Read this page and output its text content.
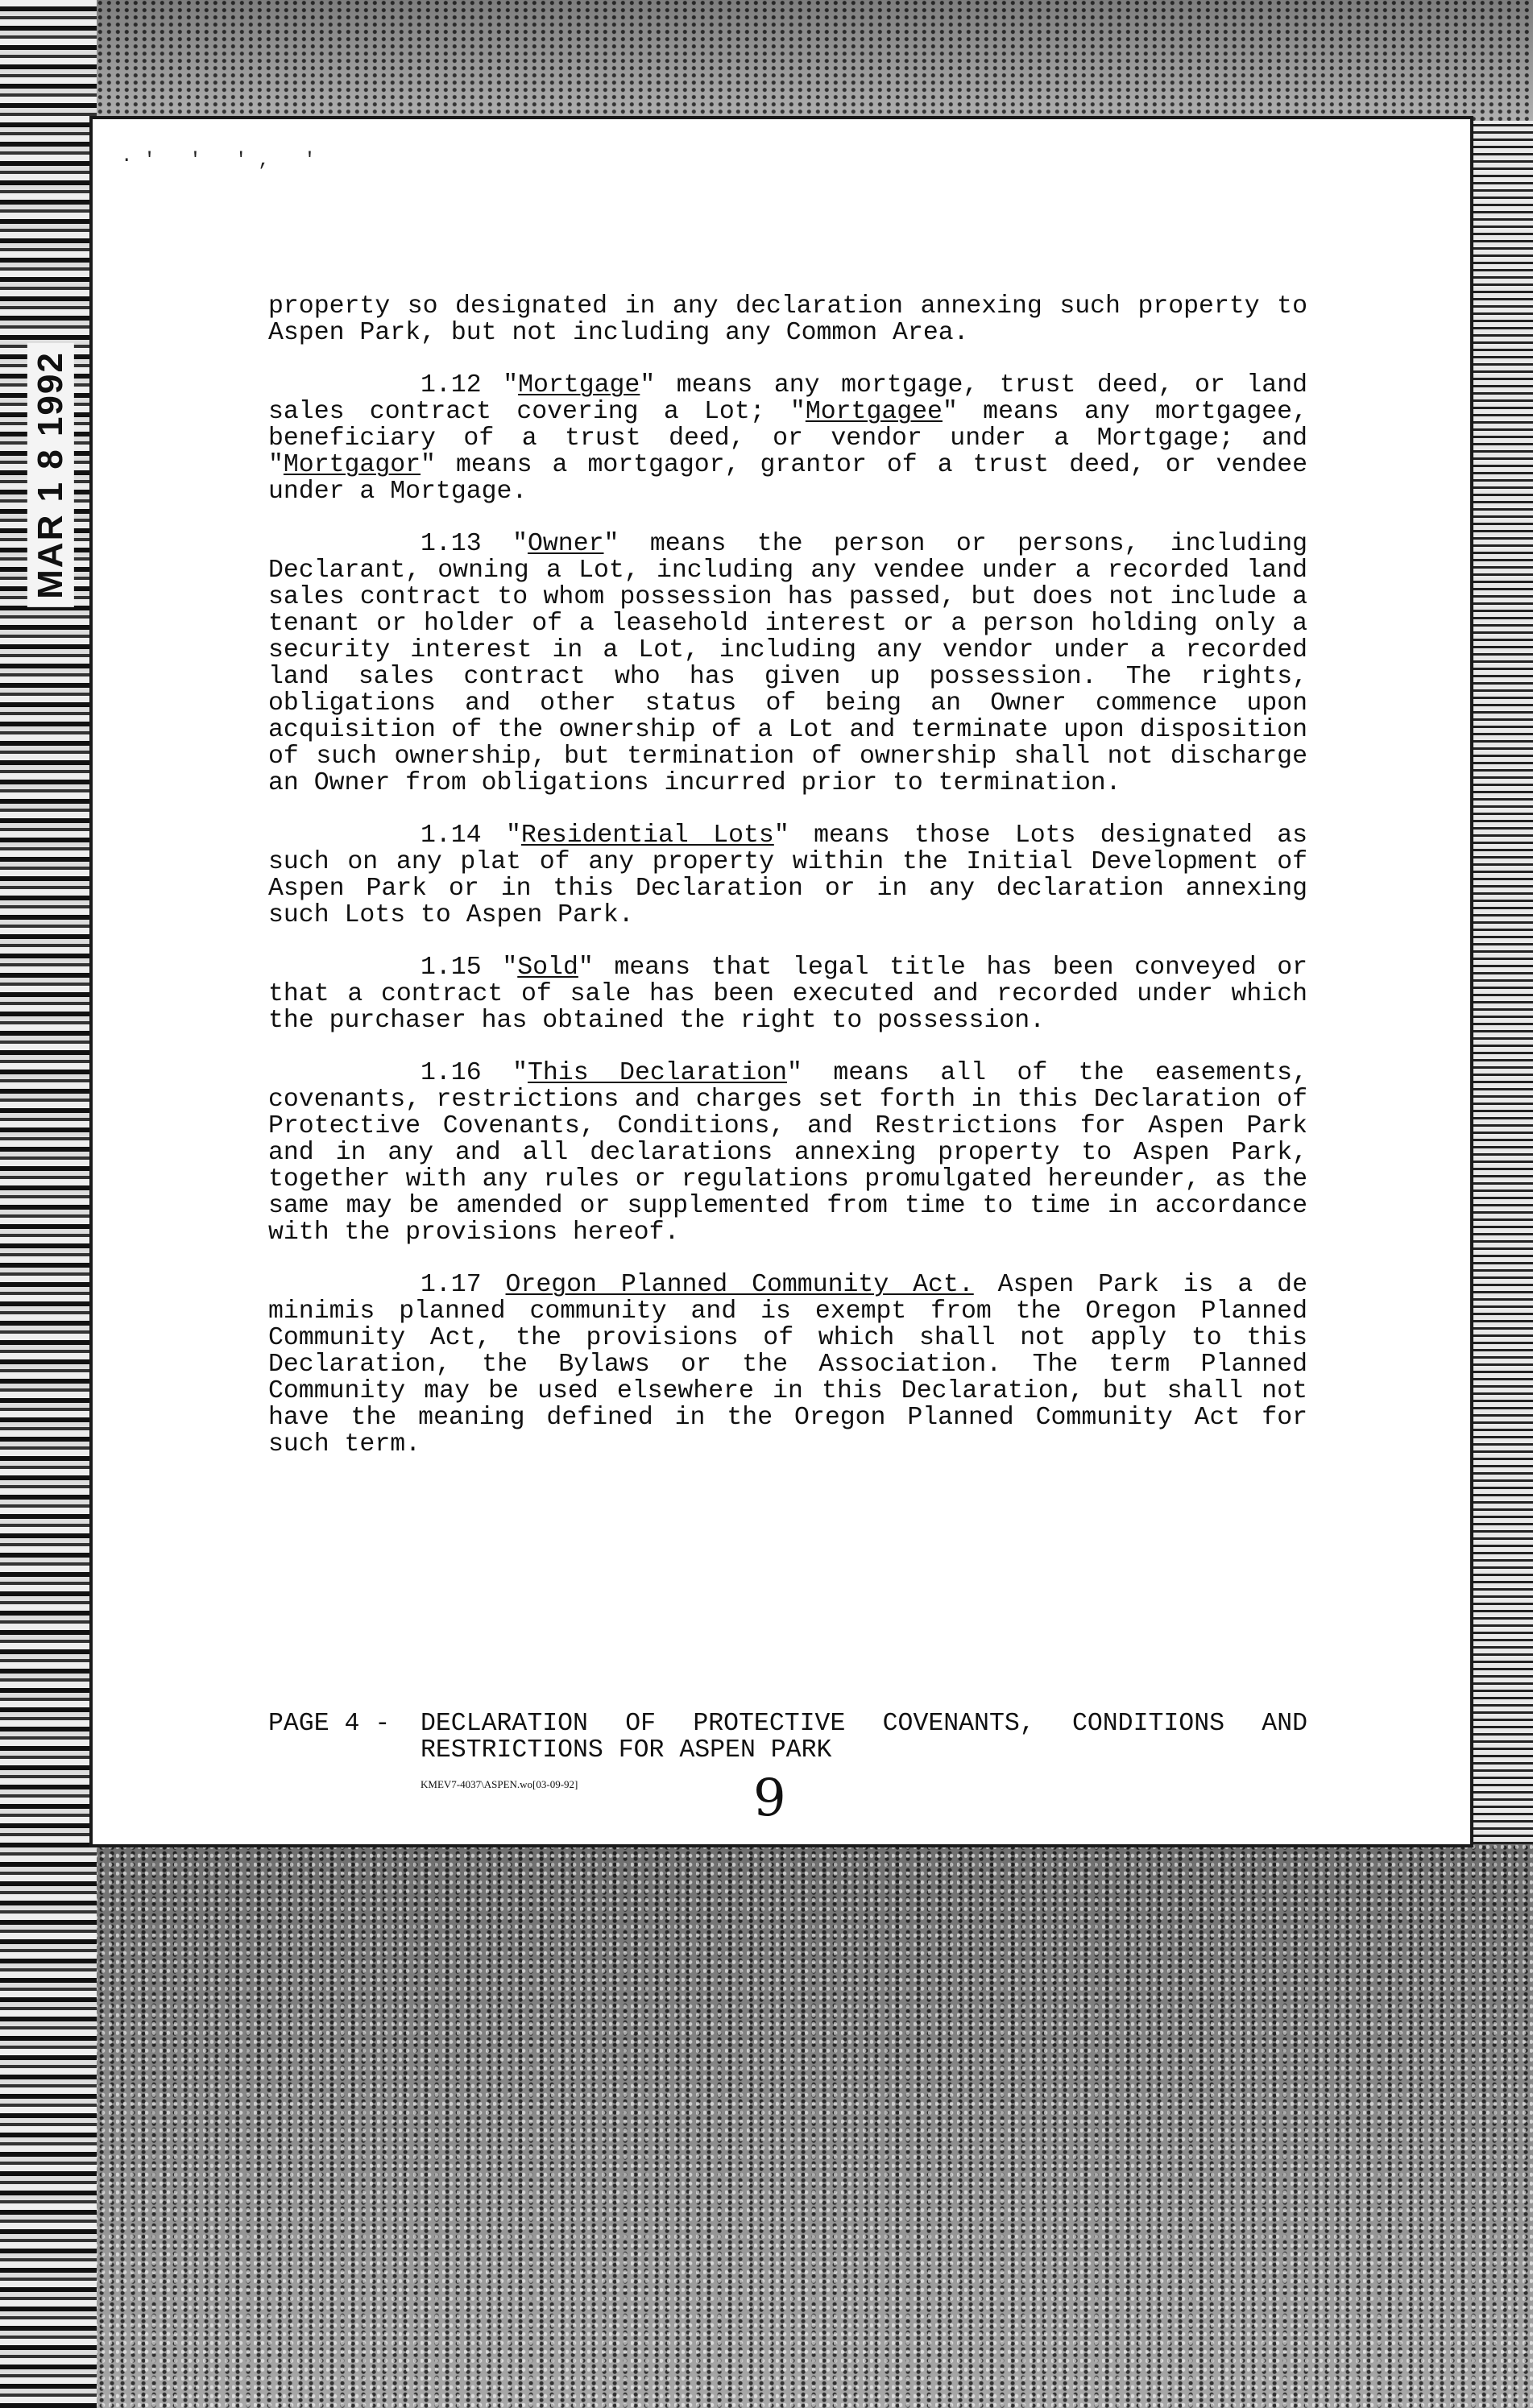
MAR 1 8 1992
·' ' ', '

property so designated in any declaration annexing such property to Aspen Park, but not including any Common Area.

1.12 "Mortgage" means any mortgage, trust deed, or land sales contract covering a Lot; "Mortgagee" means any mortgagee, beneficiary of a trust deed, or vendor under a Mortgage; and "Mortgagor" means a mortgagor, grantor of a trust deed, or vendee under a Mortgage.

1.13 "Owner" means the person or persons, including Declarant, owning a Lot, including any vendee under a recorded land sales contract to whom possession has passed, but does not include a tenant or holder of a leasehold interest or a person holding only a security interest in a Lot, including any vendor under a recorded land sales contract who has given up possession. The rights, obligations and other status of being an Owner commence upon acquisition of the ownership of a Lot and terminate upon disposition of such ownership, but termination of ownership shall not discharge an Owner from obligations incurred prior to termination.

1.14 "Residential Lots" means those Lots designated as such on any plat of any property within the Initial Development of Aspen Park or in this Declaration or in any declaration annexing such Lots to Aspen Park.

1.15 "Sold" means that legal title has been conveyed or that a contract of sale has been executed and recorded under which the purchaser has obtained the right to possession.

1.16 "This Declaration" means all of the easements, covenants, restrictions and charges set forth in this Declaration of Protective Covenants, Conditions, and Restrictions for Aspen Park and in any and all declarations annexing property to Aspen Park, together with any rules or regulations promulgated hereunder, as the same may be amended or supplemented from time to time in accordance with the provisions hereof.

1.17 Oregon Planned Community Act. Aspen Park is a de minimis planned community and is exempt from the Oregon Planned Community Act, the provisions of which shall not apply to this Declaration, the Bylaws or the Association. The term Planned Community may be used elsewhere in this Declaration, but shall not have the meaning defined in the Oregon Planned Community Act for such term.

PAGE 4 -	DECLARATION OF PROTECTIVE COVENANTS, CONDITIONS AND
RESTRICTIONS FOR ASPEN PARK
KMEV7-4037\ASPEN.wo[03-09-92]	9
